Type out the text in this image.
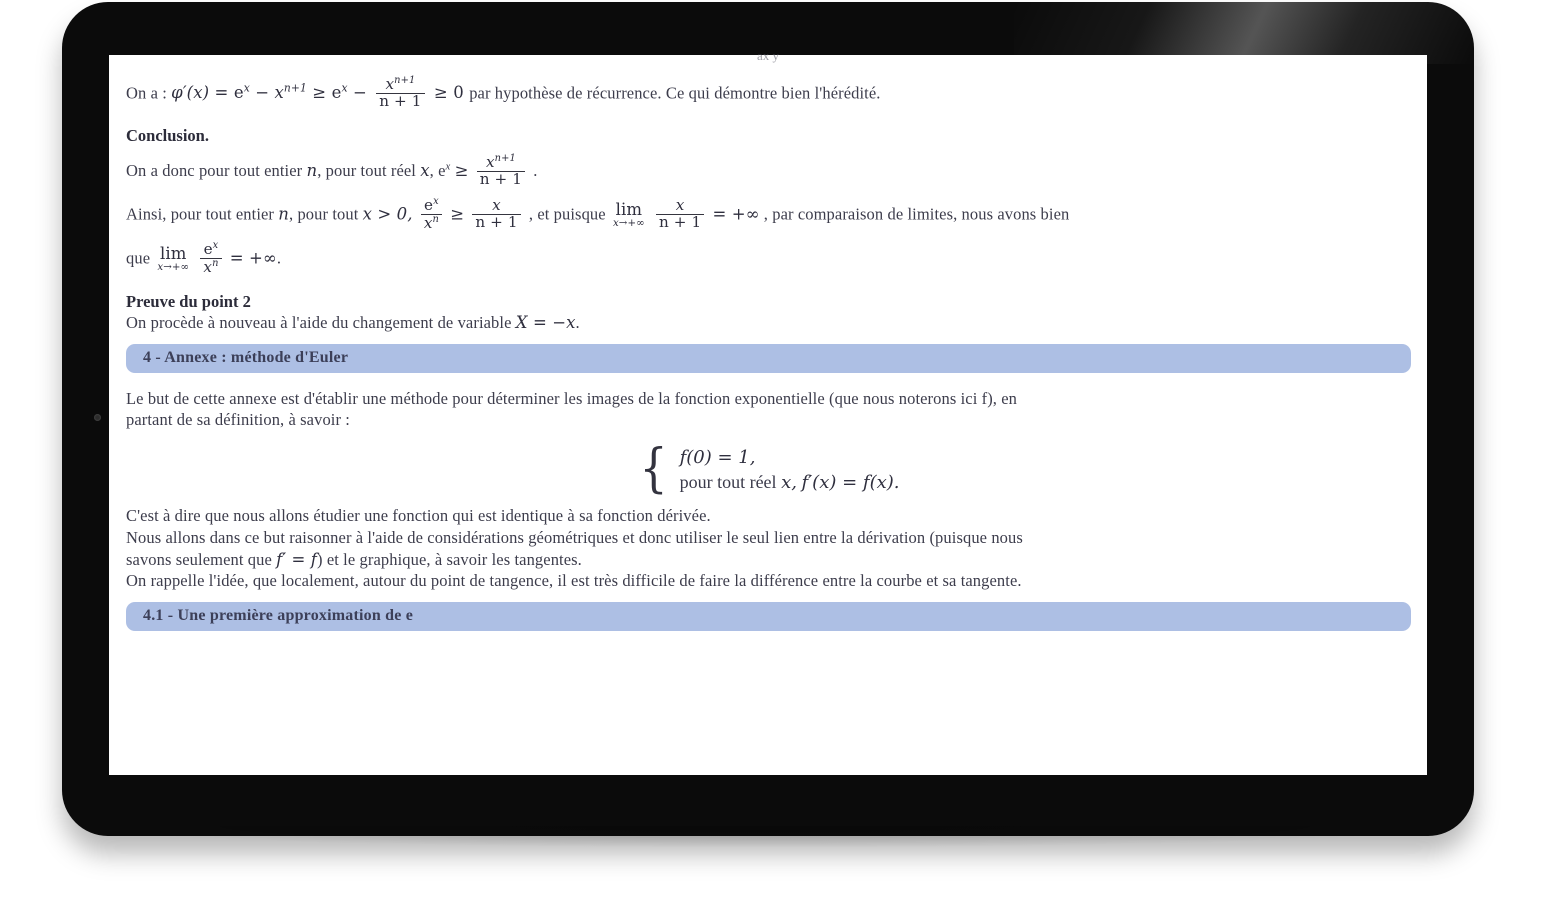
ax y

On a : $\varphi'(x) = e^x - x^{n+1} \ge e^x - \frac{x^{n+1}}{n + 1} \ge 0$ par hypothèse de récurrence. Ce qui démontre bien l'hérédité.

Conclusion.

On a donc pour tout entier n, pour tout réel x, $e^x \ge \frac{x^{n+1}}{n + 1}$ .

Ainsi, pour tout entier n, pour tout x > 0, $\frac{e^x}{x^n} \ge \frac{x}{n + 1}$ , et puisque lim
x→+∞
$\frac{x}{n + 1}$ = +∞ , par comparaison de limites, nous avons bien

que lim
x→+∞
$\frac{e^x}{x^n}$ = +∞.

Preuve du point 2

On procède à nouveau à l'aide du changement de variable X = −x.

4 - Annexe : méthode d'Euler

Le but de cette annexe est d'établir une méthode pour déterminer les images de la fonction exponentielle (que nous noterons ici f), en

partant de sa définition, à savoir :

{ f(0) = 1,
pour tout réel x, f′(x) = f(x).

C'est à dire que nous allons étudier une fonction qui est identique à sa fonction dérivée.

Nous allons dans ce but raisonner à l'aide de considérations géométriques et donc utiliser le seul lien entre la dérivation (puisque nous

savons seulement que f′ = f) et le graphique, à savoir les tangentes.

On rappelle l'idée, que localement, autour du point de tangence, il est très difficile de faire la différence entre la courbe et sa tangente.

4.1 - Une première approximation de e
